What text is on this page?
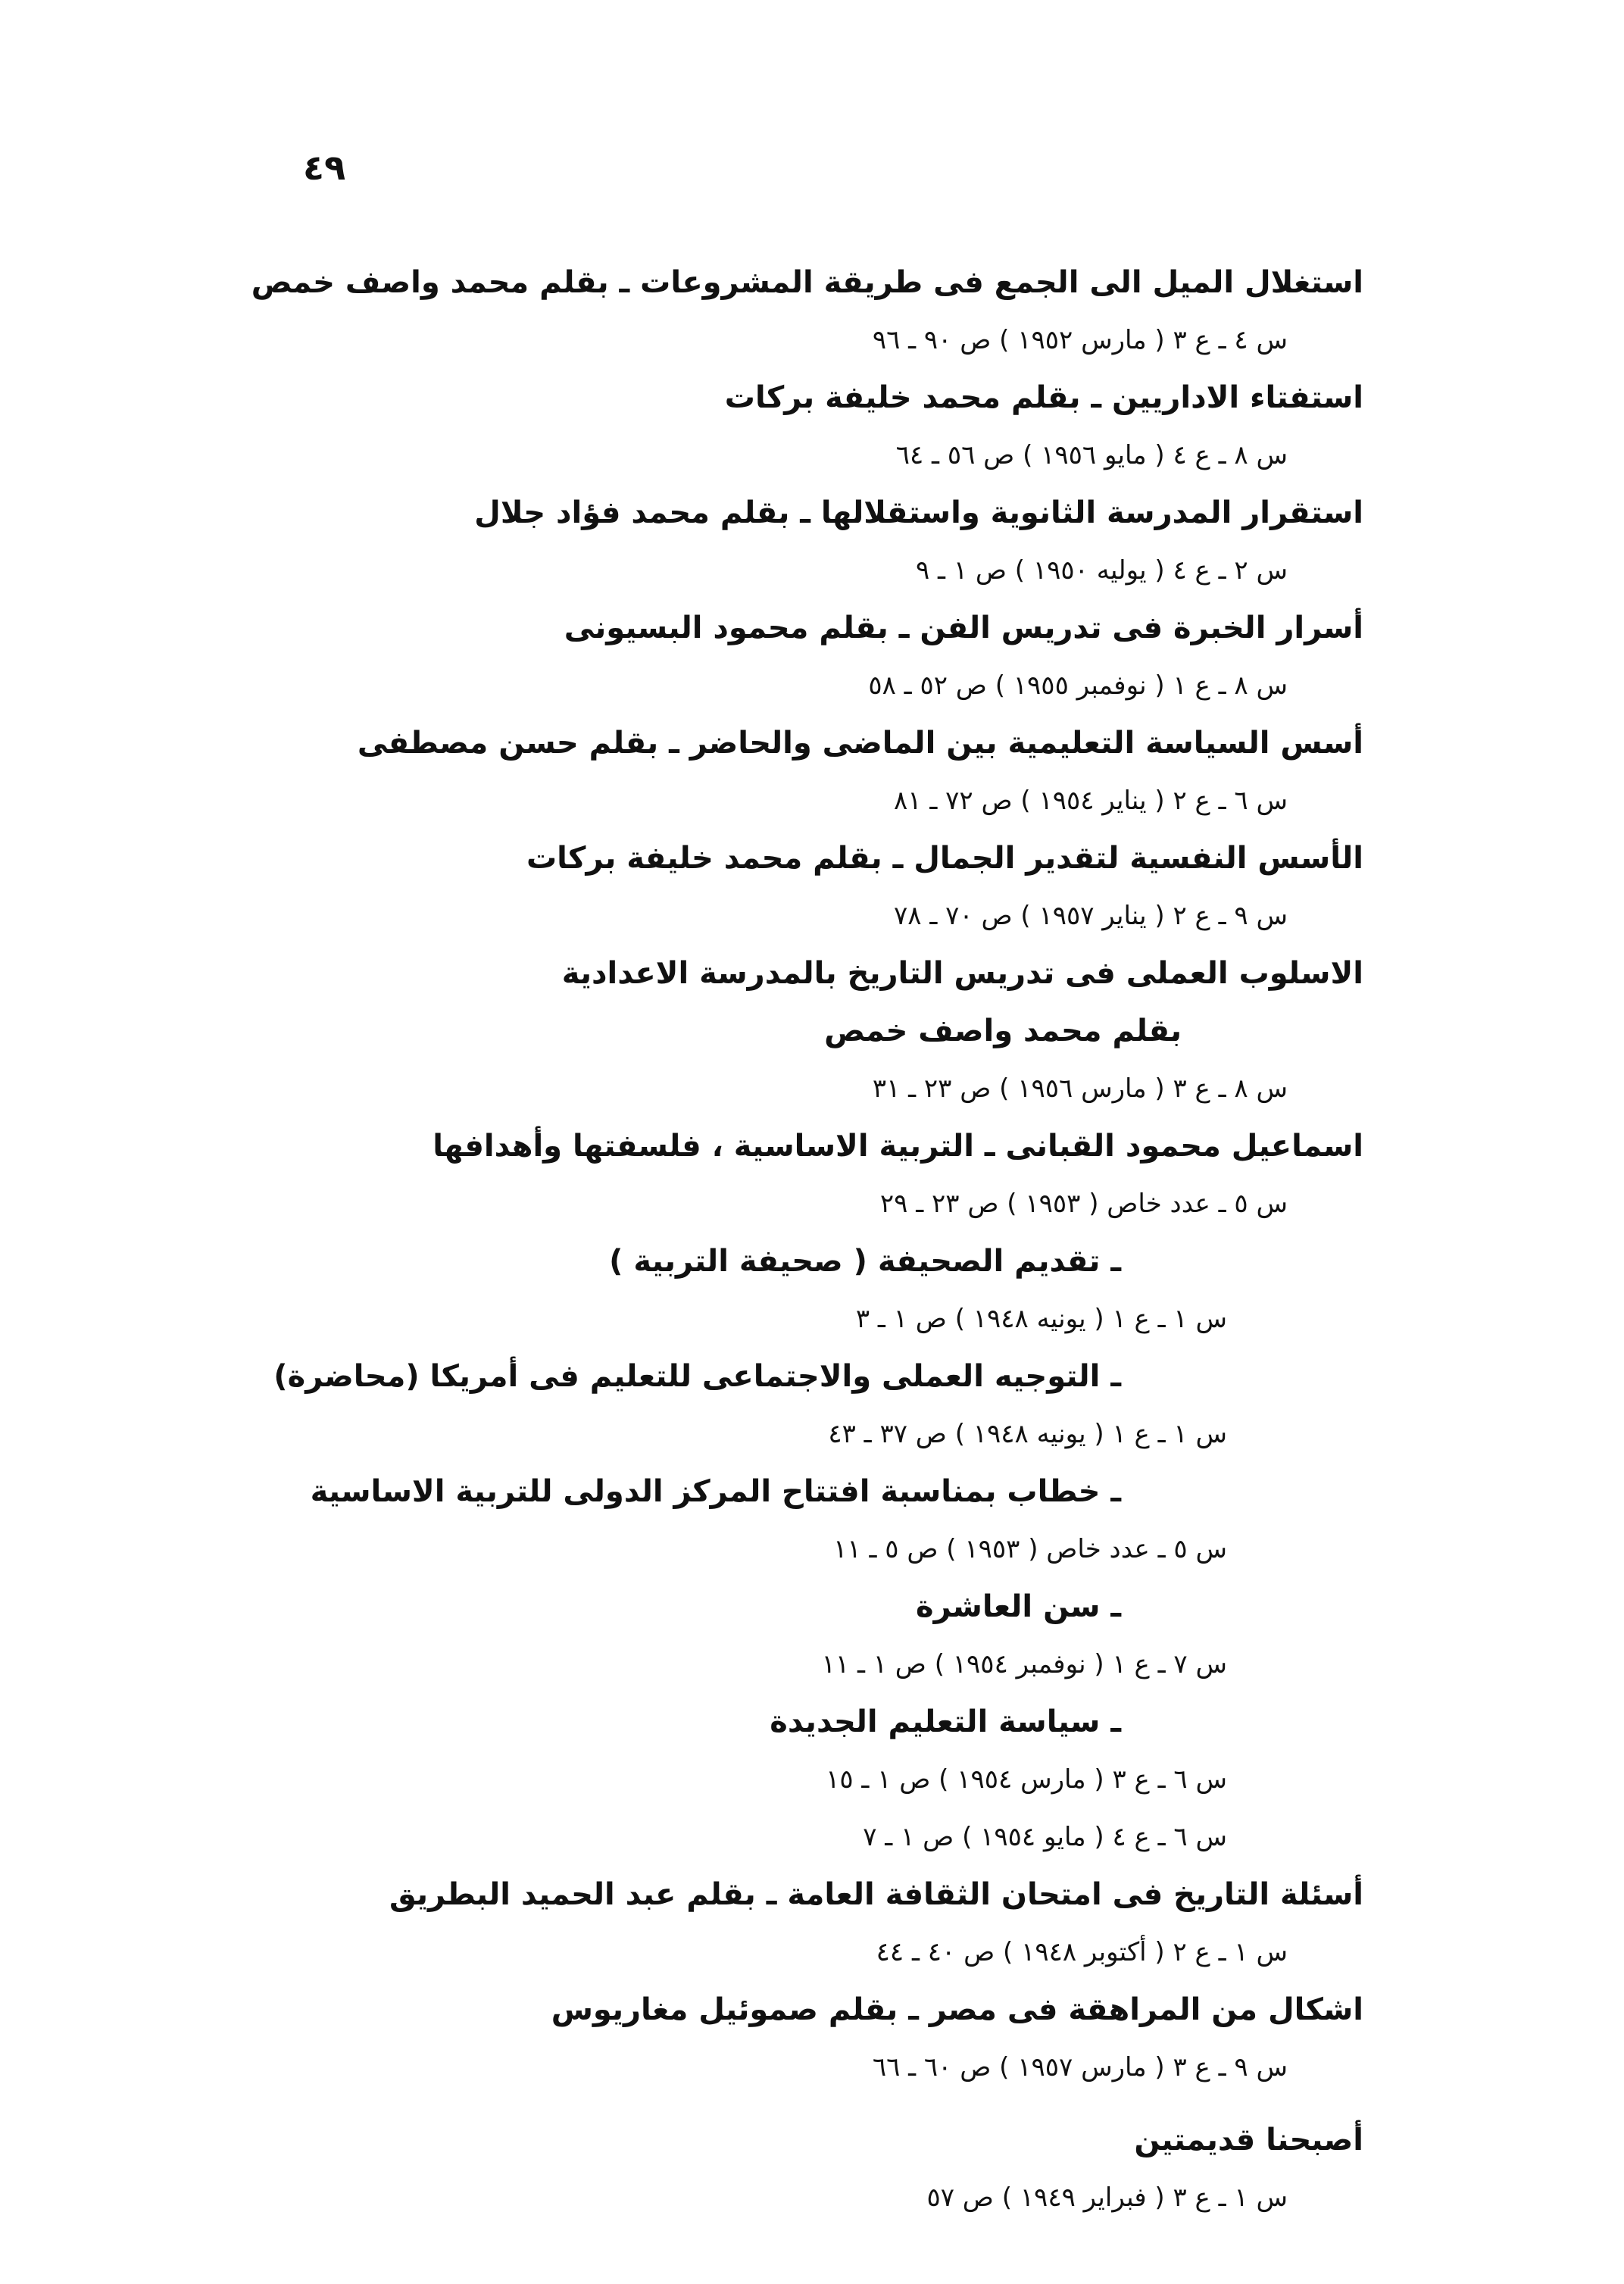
٤٩
استغلال الميل الى الجمع فى طريقة المشروعات ـ بقلم محمد واصف خمص
س ٤ ـ ع ٣ ( مارس ١٩٥٢ ) ص ٩٠ ـ ٩٦
استفتاء الاداريين ـ بقلم محمد خليفة بركات
س ٨ ـ ع ٤ ( مايو ١٩٥٦ ) ص ٥٦ ـ ٦٤
استقرار المدرسة الثانوية واستقلالها ـ بقلم محمد فؤاد جلال
س ٢ ـ ع ٤ ( يوليه ١٩٥٠ ) ص ١ ـ ٩
أسرار الخبرة فى تدريس الفن ـ بقلم محمود البسيونى
س ٨ ـ ع ١ ( نوفمبر ١٩٥٥ ) ص ٥٢ ـ ٥٨
أسس السياسة التعليمية بين الماضى والحاضر ـ بقلم حسن مصطفى
س ٦ ـ ع ٢ ( يناير ١٩٥٤ ) ص ٧٢ ـ ٨١
الأسس النفسية لتقدير الجمال ـ بقلم محمد خليفة بركات
س ٩ ـ ع ٢ ( يناير ١٩٥٧ ) ص ٧٠ ـ ٧٨
الاسلوب العملى فى تدريس التاريخ بالمدرسة الاعدادية
بقلم محمد واصف خمص
س ٨ ـ ع ٣ ( مارس ١٩٥٦ ) ص ٢٣ ـ ٣١
اسماعيل محمود القبانى ـ التربية الاساسية ، فلسفتها وأهدافها
س ٥ ـ عدد خاص ( ١٩٥٣ ) ص ٢٣ ـ ٢٩
ـ تقديم الصحيفة ( صحيفة التربية )
س ١ ـ ع ١ ( يونيه ١٩٤٨ ) ص ١ ـ ٣
ـ التوجيه العملى والاجتماعى للتعليم فى أمريكا (محاضرة)
س ١ ـ ع ١ ( يونيه ١٩٤٨ ) ص ٣٧ ـ ٤٣
ـ خطاب بمناسبة افتتاح المركز الدولى للتربية الاساسية
س ٥ ـ عدد خاص ( ١٩٥٣ ) ص ٥ ـ ١١
ـ سن العاشرة
س ٧ ـ ع ١ ( نوفمبر ١٩٥٤ ) ص ١ ـ ١١
ـ سياسة التعليم الجديدة
س ٦ ـ ع ٣ ( مارس ١٩٥٤ ) ص ١ ـ ١٥
س ٦ ـ ع ٤ ( مايو ١٩٥٤ ) ص ١ ـ ٧
أسئلة التاريخ فى امتحان الثقافة العامة ـ بقلم عبد الحميد البطريق
س ١ ـ ع ٢ ( أكتوبر ١٩٤٨ ) ص ٤٠ ـ ٤٤
اشكال من المراهقة فى مصر ـ بقلم صموئيل مغاريوس
س ٩ ـ ع ٣ ( مارس ١٩٥٧ ) ص ٦٠ ـ ٦٦
أصبحنا قديمتين
س ١ ـ ع ٣ ( فبراير ١٩٤٩ ) ص ٥٧
